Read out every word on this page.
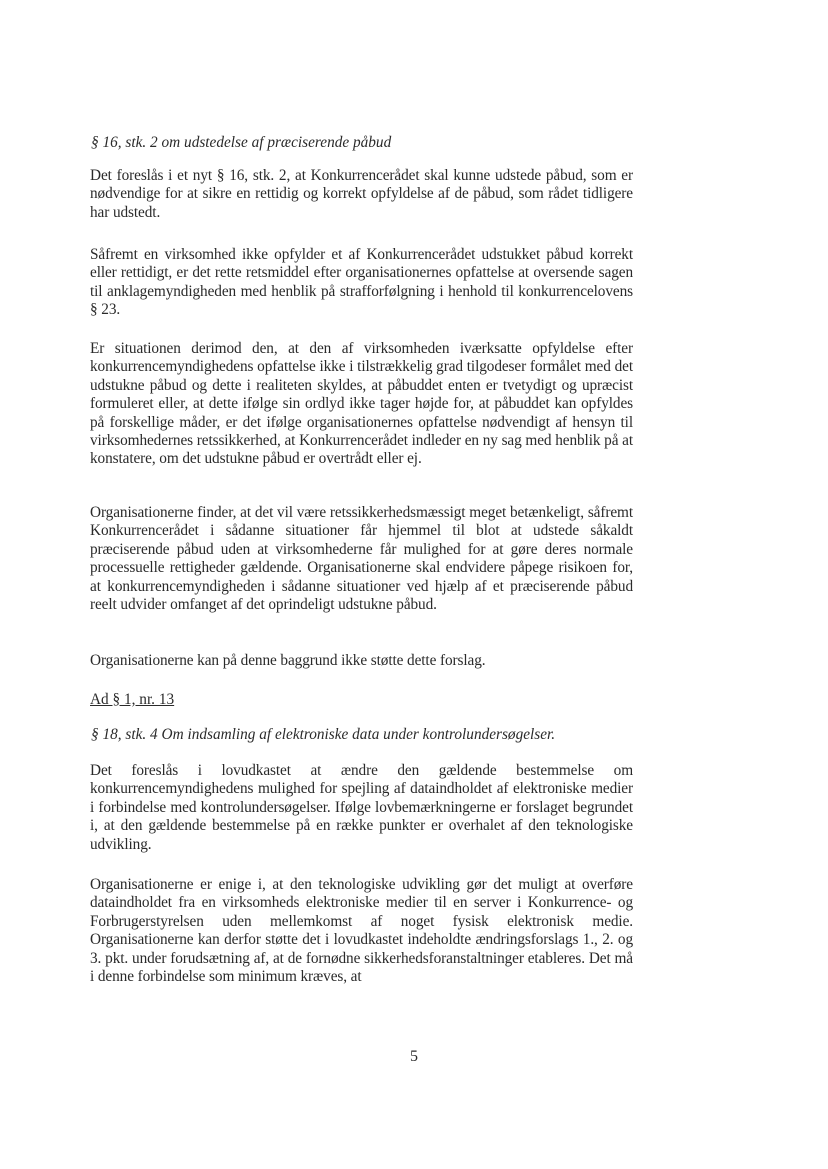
§ 16, stk. 2 om udstedelse af præciserende påbud

Det foreslås i et nyt § 16, stk. 2, at Konkurrencerådet skal kunne udstede påbud, som er nødvendige for at sikre en rettidig og korrekt opfyldelse af de påbud, som rådet tidligere har udstedt.

Såfremt en virksomhed ikke opfylder et af Konkurrencerådet udstukket påbud korrekt eller rettidigt, er det rette retsmiddel efter organisationernes opfattelse at oversende sagen til anklagemyndigheden med henblik på strafforfølgning i henhold til konkurrencelovens § 23.

Er situationen derimod den, at den af virksomheden iværksatte opfyldelse efter konkurrencemyndighedens opfattelse ikke i tilstrækkelig grad tilgodeser formålet med det udstukne påbud og dette i realiteten skyldes, at påbuddet enten er tvetydigt og upræcist formuleret eller, at dette ifølge sin ordlyd ikke tager højde for, at påbuddet kan opfyldes på forskellige måder, er det ifølge organisationernes opfattelse nødvendigt af hensyn til virksomhedernes retssikkerhed, at Konkurrencerådet indleder en ny sag med henblik på at konstatere, om det udstukne påbud er overtrådt eller ej.

Organisationerne finder, at det vil være retssikkerhedsmæssigt meget betænkeligt, såfremt Konkurrencerådet i sådanne situationer får hjemmel til blot at udstede såkaldt præciserende påbud uden at virksomhederne får mulighed for at gøre deres normale processuelle rettigheder gældende. Organisationerne skal endvidere påpege risikoen for, at konkurrencemyndigheden i sådanne situationer ved hjælp af et præciserende påbud reelt udvider omfanget af det oprindeligt udstukne påbud.

Organisationerne kan på denne baggrund ikke støtte dette forslag.

Ad § 1, nr. 13

§ 18, stk. 4 Om indsamling af elektroniske data under kontrolundersøgelser.

Det foreslås i lovudkastet at ændre den gældende bestemmelse om konkurrencemyndighedens mulighed for spejling af dataindholdet af elektroniske medier i forbindelse med kontrolundersøgelser. Ifølge lovbemærkningerne er forslaget begrundet i, at den gældende bestemmelse på en række punkter er overhalet af den teknologiske udvikling.

Organisationerne er enige i, at den teknologiske udvikling gør det muligt at overføre dataindholdet fra en virksomheds elektroniske medier til en server i Konkurrence- og Forbrugerstyrelsen uden mellemkomst af noget fysisk elektronisk medie. Organisationerne kan derfor støtte det i lovudkastet indeholdte ændringsforslags 1., 2. og 3. pkt. under forudsætning af, at de fornødne sikkerhedsforanstaltninger etableres. Det må i denne forbindelse som minimum kræves, at

5
